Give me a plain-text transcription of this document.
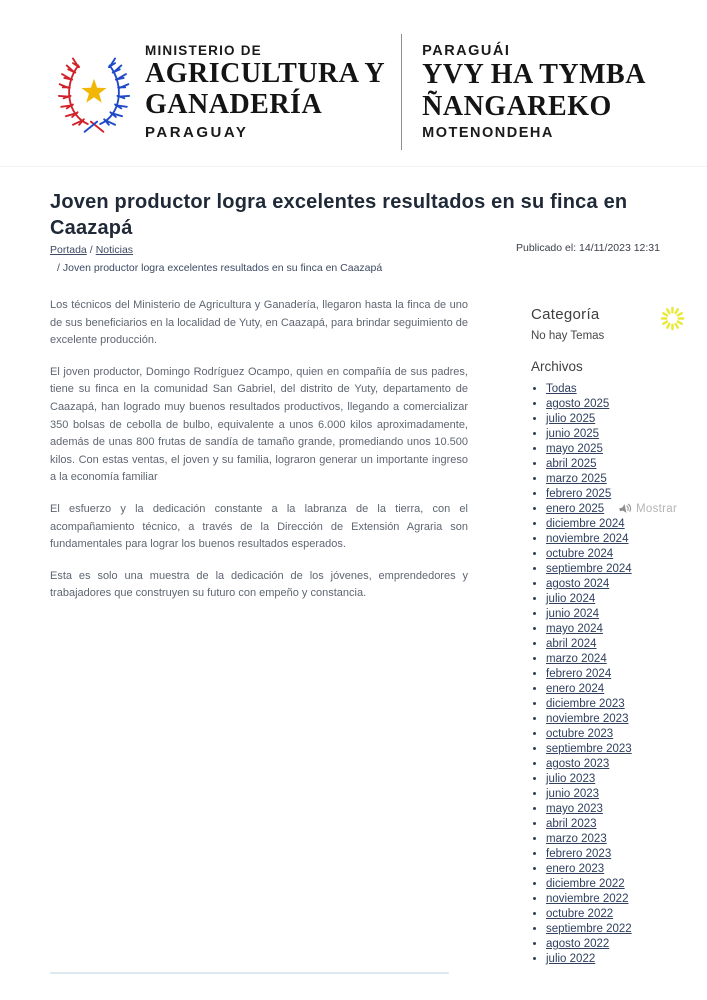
MINISTERIO DE
AGRICULTURA Y
GANADERÍA
PARAGUAY
PARAGUÁI
YVY HA TYMBA
ÑANGAREKO
MOTENONDEHA
Joven productor logra excelentes resultados en su finca en Caazapá
Portada / Noticias
/ Joven productor logra excelentes resultados en su finca en Caazapá
Publicado el: 14/11/2023 12:31

Los técnicos del Ministerio de Agricultura y Ganadería, llegaron hasta la finca de uno de sus beneficiarios en la localidad de Yuty, en Caazapá, para brindar seguimiento de excelente producción.

El joven productor, Domingo Rodríguez Ocampo, quien en compañía de sus padres, tiene su finca en la comunidad San Gabriel, del distrito de Yuty, departamento de Caazapá, han logrado muy buenos resultados productivos, llegando a comercializar 350 bolsas de cebolla de bulbo, equivalente a unos 6.000 kilos aproximadamente, además de unas 800 frutas de sandía de tamaño grande, promediando unos 10.500 kilos. Con estas ventas, el joven y su familia, lograron generar un importante ingreso a la economía familiar

El esfuerzo y la dedicación constante a la labranza de la tierra, con el acompañamiento técnico, a través de la Dirección de Extensión Agraria son fundamentales para lograr los buenos resultados esperados.

Esta es solo una muestra de la dedicación de los jóvenes, emprendedores y trabajadores que construyen su futuro con empeño y constancia.

Categoría
No hay Temas
Archivos
• Todas
• agosto 2025
• julio 2025
• junio 2025
• mayo 2025
• abril 2025
• marzo 2025
• febrero 2025
• enero 2025
• diciembre 2024
• noviembre 2024
• octubre 2024
• septiembre 2024
• agosto 2024
• julio 2024
• junio 2024
• mayo 2024
• abril 2024
• marzo 2024
• febrero 2024
• enero 2024
• diciembre 2023
• noviembre 2023
• octubre 2023
• septiembre 2023
• agosto 2023
• julio 2023
• junio 2023
• mayo 2023
• abril 2023
• marzo 2023
• febrero 2023
• enero 2023
• diciembre 2022
• noviembre 2022
• octubre 2022
• septiembre 2022
• agosto 2022
• julio 2022
Mostrar
